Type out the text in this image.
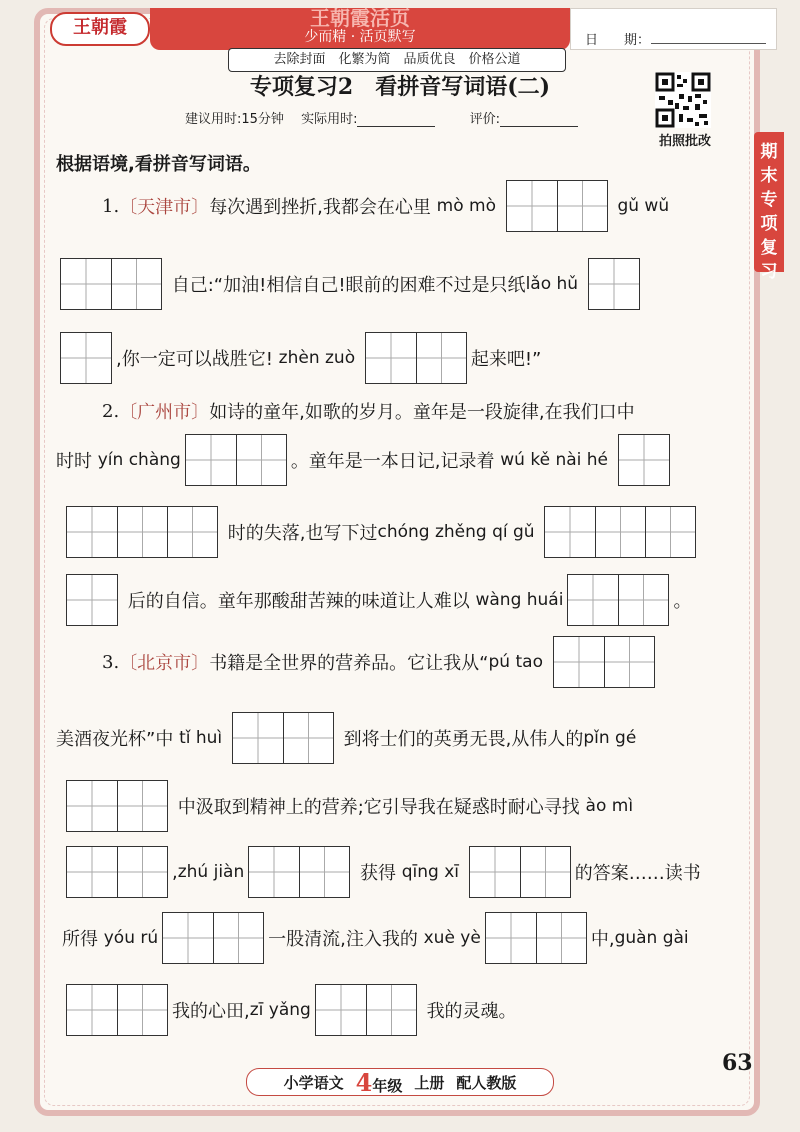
王朝霞	王朝霞活页
少而精 · 活页默写	日　　期：
去除封面　化繁为简　品质优良　价格公道
专项复习2　看拼音写词语(二)
建议用时:15分钟　 实际用时:	评价:
拍照批改
期末专项复习
根据语境,看拼音写词语。
1. 〔天津市〕 每次遇到挫折,我都会在心里
mò mò

	gǔ wǔ

自己:“加油!相信自己!眼前的困难不过是只纸 lǎo hǔ

,你一定可以战胜它!
zhèn zuò
	起来吧!”
2. 〔广州市〕 如诗的童年,如歌的岁月。童年是一段旋律,在我们口中
时时
yín chàng	。童年是一本日记,记录着
wú kě nài hé

时的失落,也写下过 chóng zhěng qí gǔ

后的自信。童年那酸甜苦辣的味道让人难以
wàng huái	。
3. 〔北京市〕 书籍是全世界的营养品。它让我从“ pú tao

美酒夜光杯”中
tǐ huì

	到将士们的英勇无畏,从伟人的 pǐn gé

中汲取到精神上的营养;它引导我在疑惑时耐心寻找
ào mì
, zhú jiàn
	获得
qīng xī
	的答案……读书
所得
yóu rú	一股清流,注入我的
xuè yè	中, guàn gài
我的心田, zī yǎng
	我的灵魂。
63
小学语文 4年级 上册 配人教版
